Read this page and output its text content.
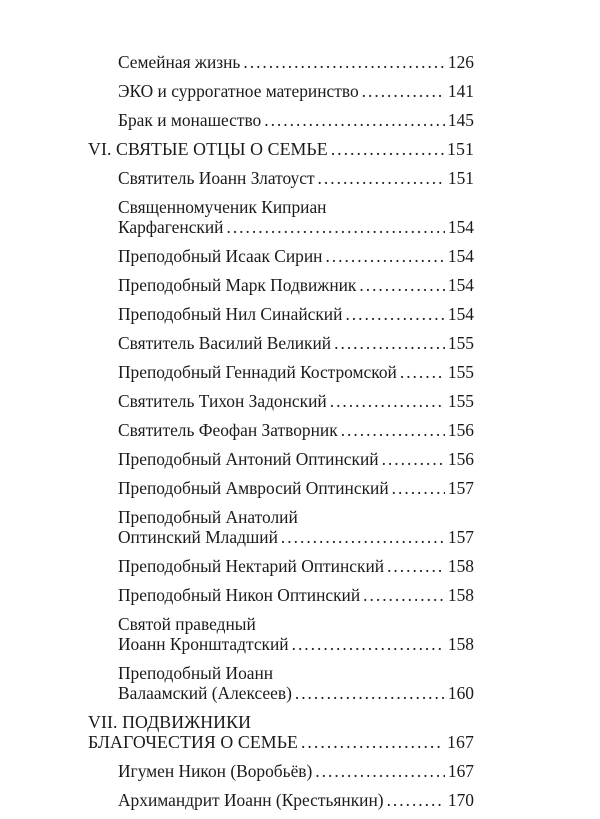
Семейная жизнь .....	126
ЭКО и суррогатное материнство .....	141
Брак и монашество .....	145
VI. СВЯТЫЕ ОТЦЫ О СЕМЬЕ .....	151
Святитель Иоанн Златоуст .....	151
Священномученик Киприан
Карфагенский .....	154
Преподобный Исаак Сирин .....	154
Преподобный Марк Подвижник .....	154
Преподобный Нил Синайский .....	154
Святитель Василий Великий .....	155
Преподобный Геннадий Костромской .....	155
Святитель Тихон Задонский .....	155
Святитель Феофан Затворник .....	156
Преподобный Антоний Оптинский .....	156
Преподобный Амвросий Оптинский .....	157
Преподобный Анатолий
Оптинский Младший .....	157
Преподобный Нектарий Оптинский .....	158
Преподобный Никон Оптинский .....	158
Святой праведный
Иоанн Кронштадтский .....	158
Преподобный Иоанн
Валаамский (Алексеев) .....	160
VII. ПОДВИЖНИКИ
БЛАГОЧЕСТИЯ О СЕМЬЕ .....	167
Игумен Никон (Воробьёв) .....	167
Архимандрит Иоанн (Крестьянкин) .....	170
